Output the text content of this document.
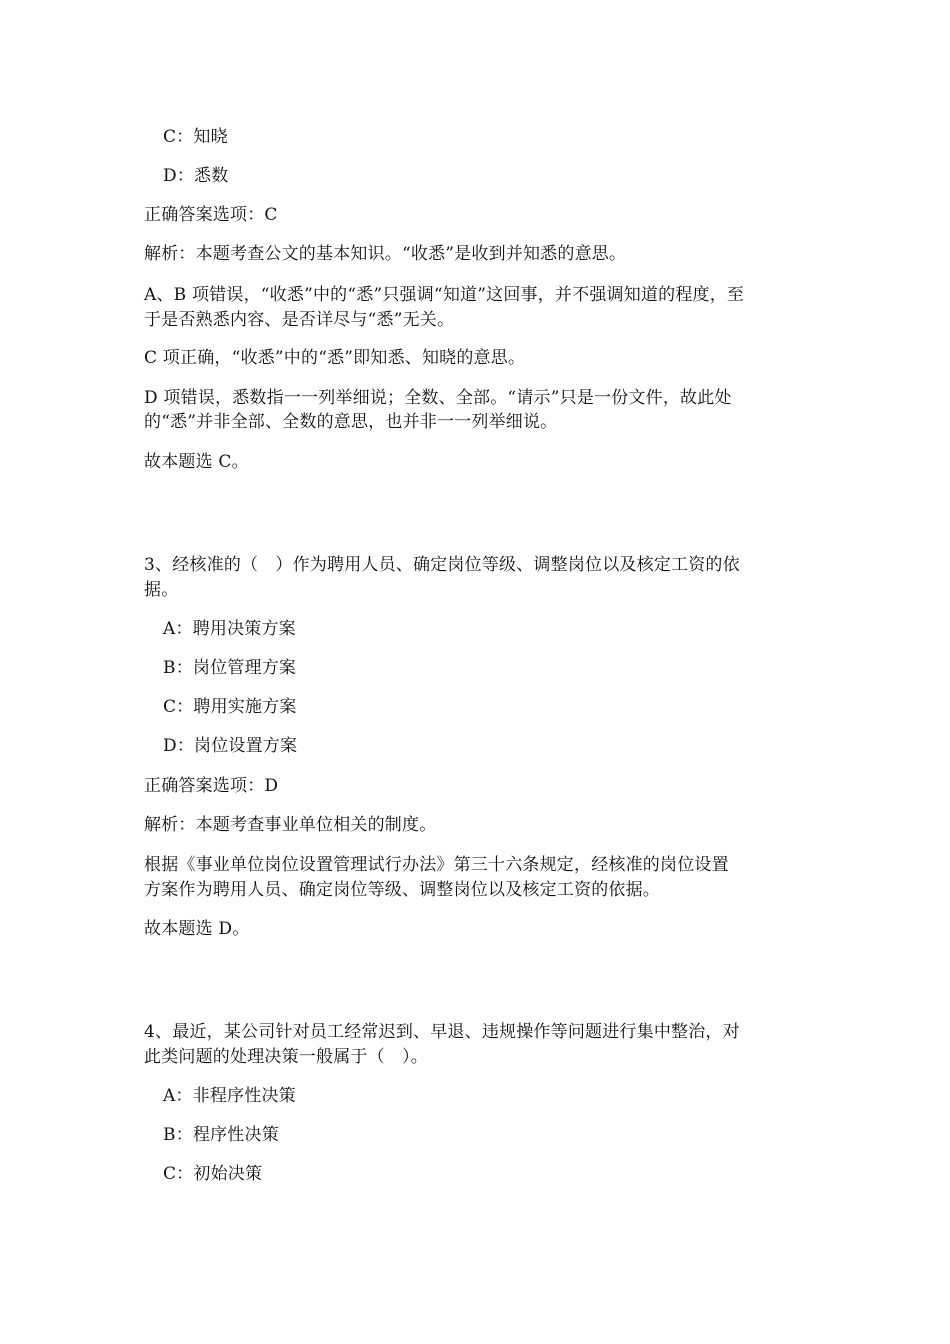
C：知晓
D：悉数
正确答案选项：C
解析：本题考查公文的基本知识。“收悉”是收到并知悉的意思。
A、B 项错误，“收悉”中的“悉”只强调“知道”这回事，并不强调知道的程度，至
于是否熟悉内容、是否详尽与“悉”无关。
C 项正确，“收悉”中的“悉”即知悉、知晓的意思。
D 项错误，悉数指一一列举细说；全数、全部。“请示”只是一份文件，故此处
的“悉”并非全部、全数的意思，也并非一一列举细说。
故本题选 C。
3、经核准的（　）作为聘用人员、确定岗位等级、调整岗位以及核定工资的依
据。
A：聘用决策方案
B：岗位管理方案
C：聘用实施方案
D：岗位设置方案
正确答案选项：D
解析：本题考查事业单位相关的制度。
根据《事业单位岗位设置管理试行办法》第三十六条规定，经核准的岗位设置
方案作为聘用人员、确定岗位等级、调整岗位以及核定工资的依据。
故本题选 D。
4、最近，某公司针对员工经常迟到、早退、违规操作等问题进行集中整治，对
此类问题的处理决策一般属于（　）。
A：非程序性决策
B：程序性决策
C：初始决策
